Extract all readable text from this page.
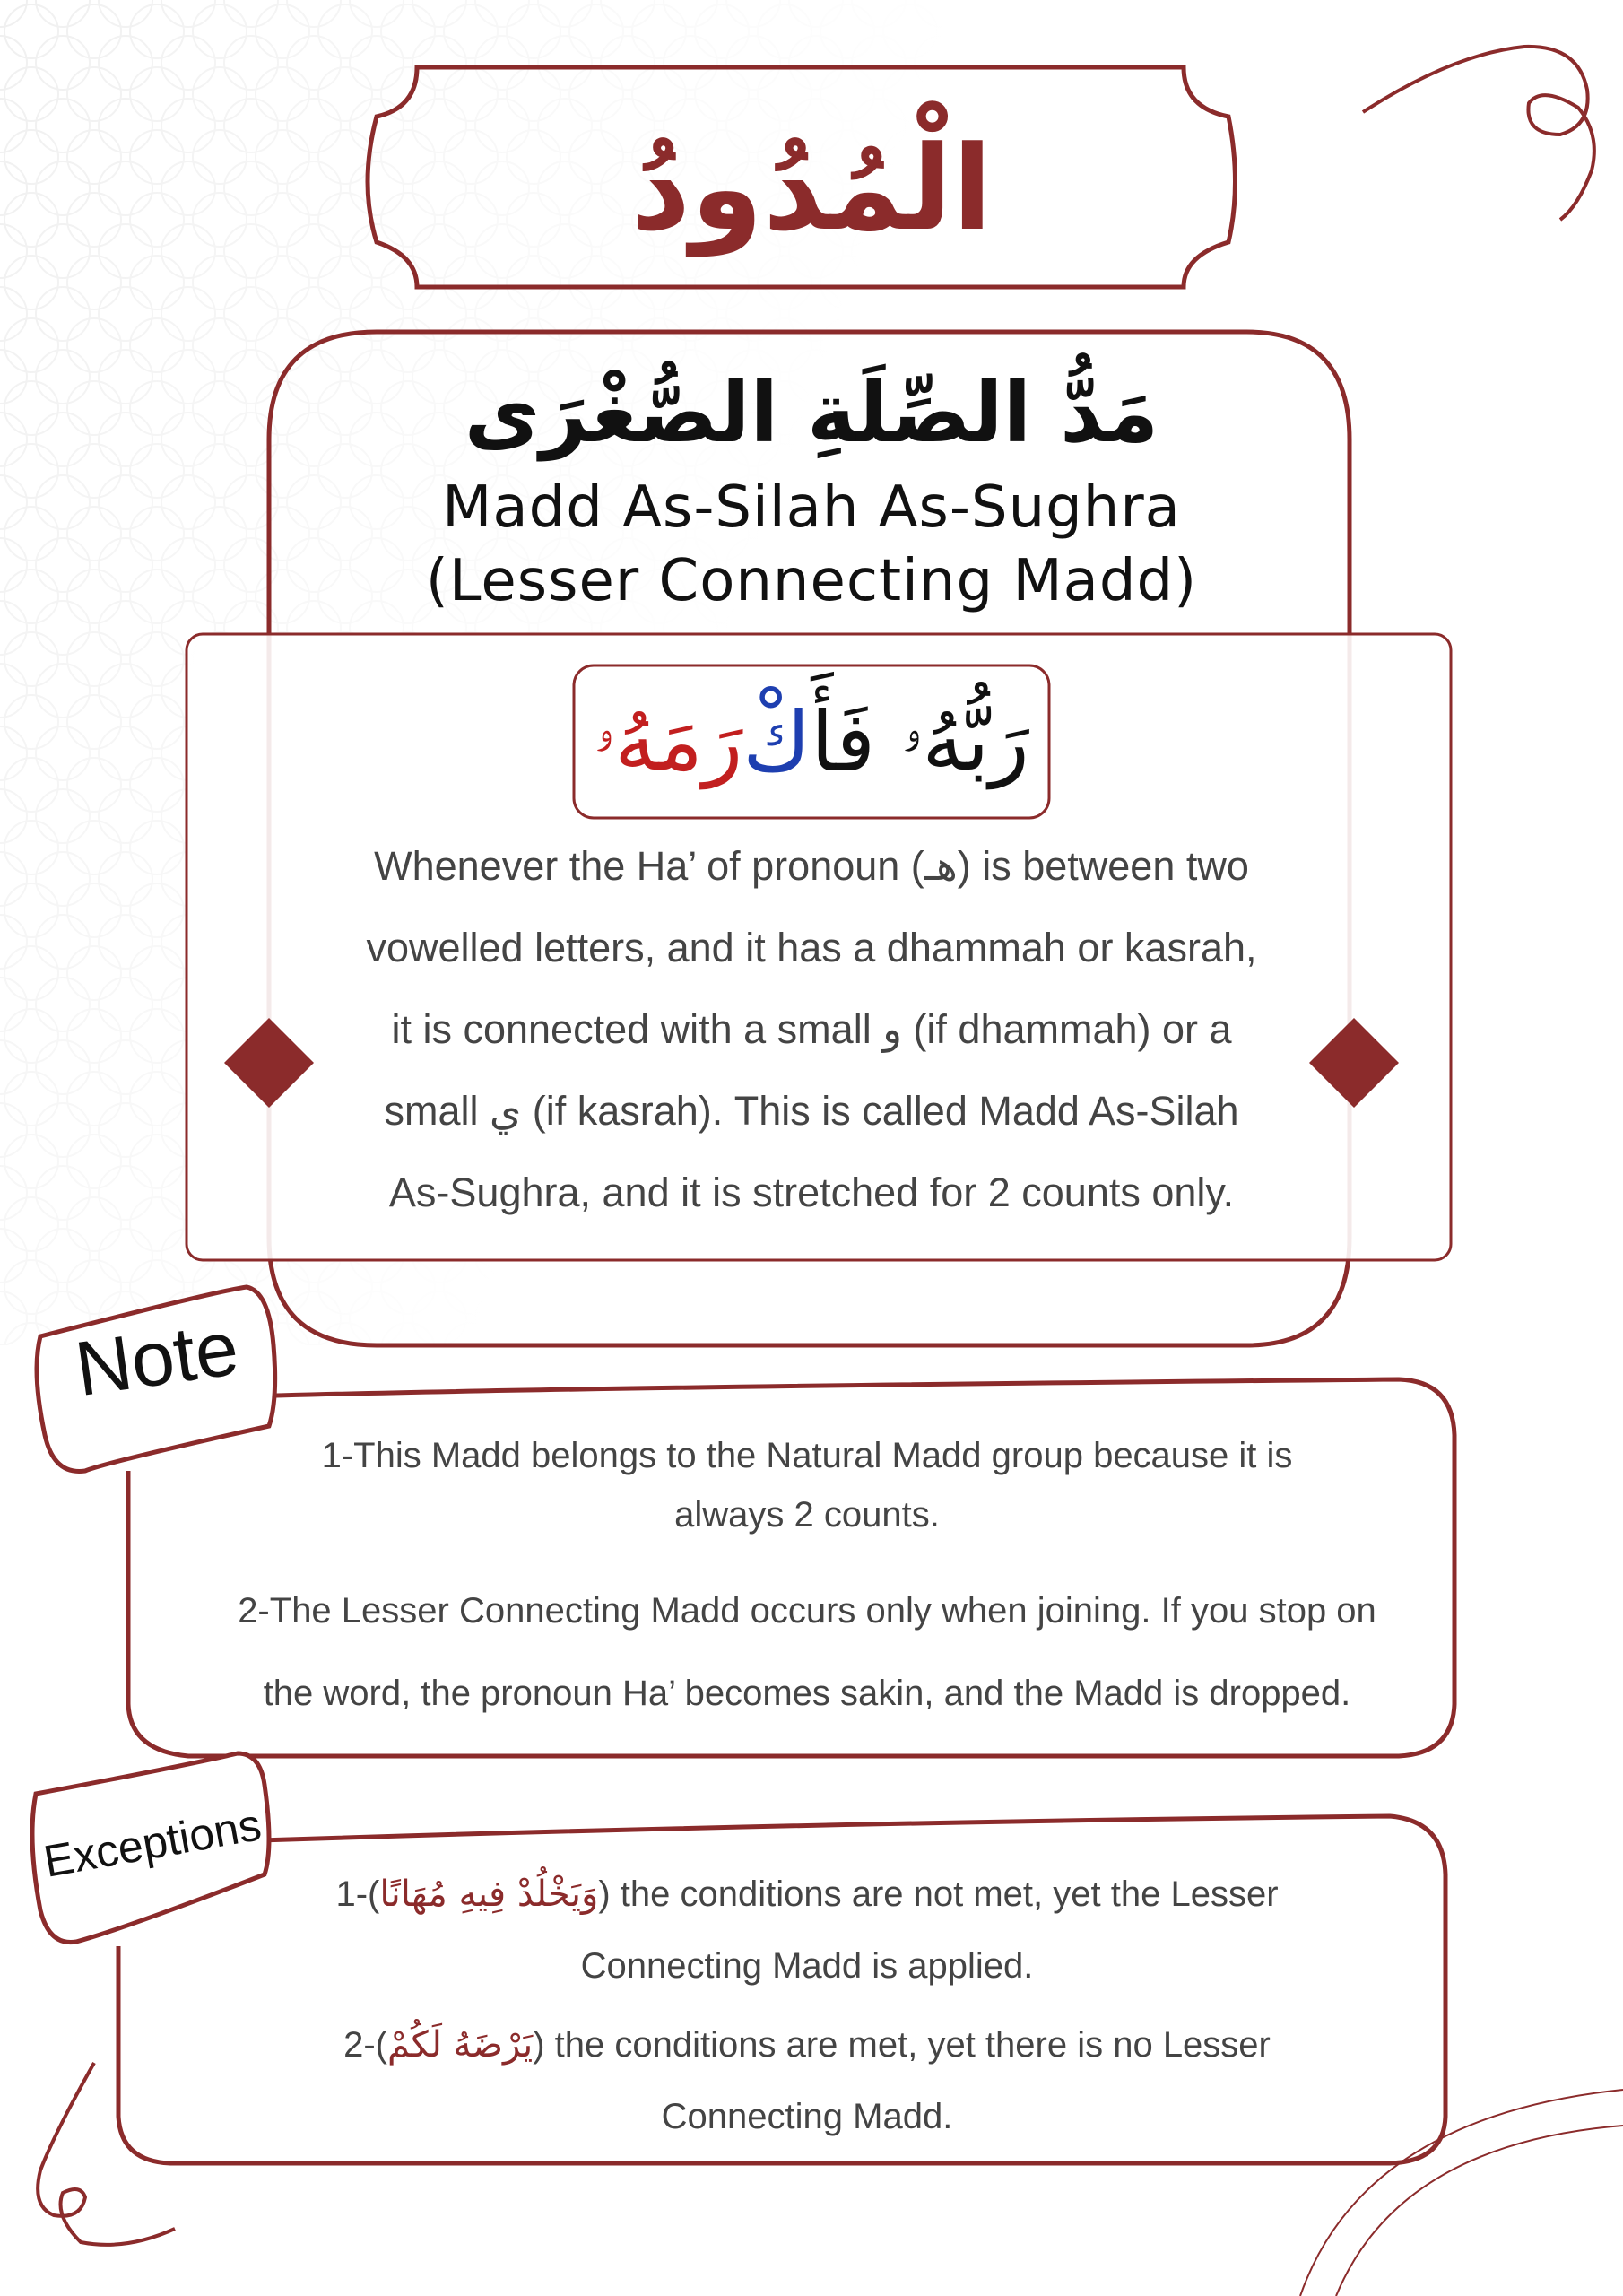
الْمُدُودُ
مَدُّ الصِّلَةِ الصُّغْرَى
Madd As-Silah As-Sughra
(Lesser Connecting Madd)
رَبُّهُۥ

فَأَ
كْ
رَمَهُۥ
Whenever the Ha’ of pronoun (هـ) is between two
vowelled letters, and it has a dhammah or kasrah,
it is connected with a small و (if dhammah) or a
small ي (if kasrah). This is called Madd As-Silah
As-Sughra, and it is stretched for 2 counts only.
Note
1-This Madd belongs to the Natural Madd group because it is
always 2 counts.
2-The Lesser Connecting Madd occurs only when joining. If you stop on
the word, the pronoun Ha’ becomes sakin, and the Madd is dropped.
Exceptions
1-(وَيَخْلُدْ فِيهِ مُهَانًا) the conditions are not met, yet the Lesser
Connecting Madd is applied.
2-(يَرْضَهُ لَكُمْ) the conditions are met, yet there is no Lesser
Connecting Madd.
